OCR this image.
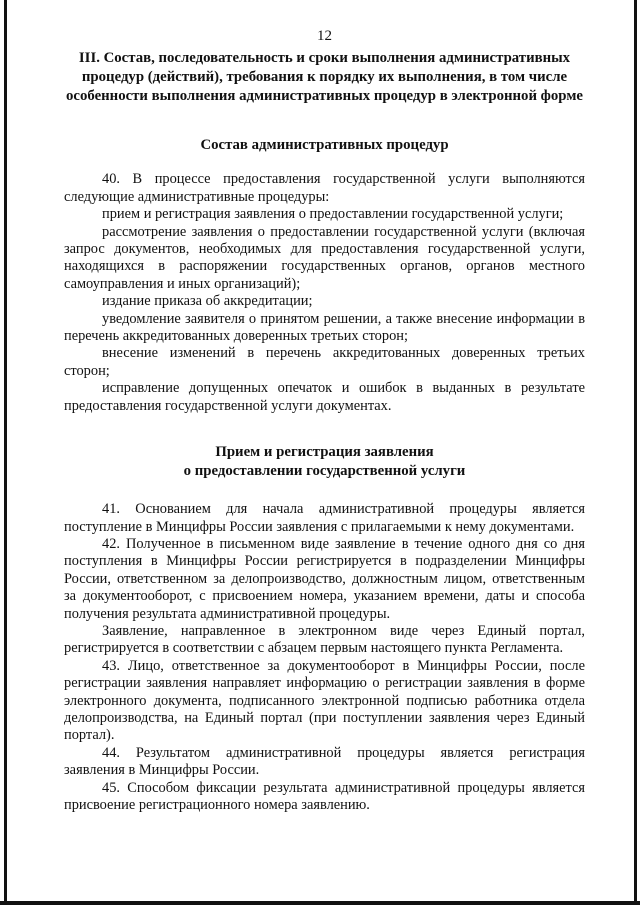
12
III. Состав, последовательность и сроки выполнения административных процедур (действий), требования к порядку их выполнения, в том числе особенности выполнения административных процедур в электронной форме
Состав административных процедур

40. В процессе предоставления государственной услуги выполняются следующие административные процедуры:

прием и регистрация заявления о предоставлении государственной услуги;

рассмотрение заявления о предоставлении государственной услуги (включая запрос документов, необходимых для предоставления государственной услуги, находящихся в распоряжении государственных органов, органов местного самоуправления и иных организаций);

издание приказа об аккредитации;

уведомление заявителя о принятом решении, а также внесение информации в перечень аккредитованных доверенных третьих сторон;

внесение изменений в перечень аккредитованных доверенных третьих сторон;

исправление допущенных опечаток и ошибок в выданных в результате предоставления государственной услуги документах.

Прием и регистрация заявления
о предоставлении государственной услуги

41. Основанием для начала административной процедуры является поступление в Минцифры России заявления с прилагаемыми к нему документами.

42. Полученное в письменном виде заявление в течение одного дня со дня поступления в Минцифры России регистрируется в подразделении Минцифры России, ответственном за делопроизводство, должностным лицом, ответственным за документооборот, с присвоением номера, указанием времени, даты и способа получения результата административной процедуры.

Заявление, направленное в электронном виде через Единый портал, регистрируется в соответствии с абзацем первым настоящего пункта Регламента.

43. Лицо, ответственное за документооборот в Минцифры России, после регистрации заявления направляет информацию о регистрации заявления в форме электронного документа, подписанного электронной подписью работника отдела делопроизводства, на Единый портал (при поступлении заявления через Единый портал).

44. Результатом административной процедуры является регистрация заявления в Минцифры России.

45. Способом фиксации результата административной процедуры является присвоение регистрационного номера заявлению.
